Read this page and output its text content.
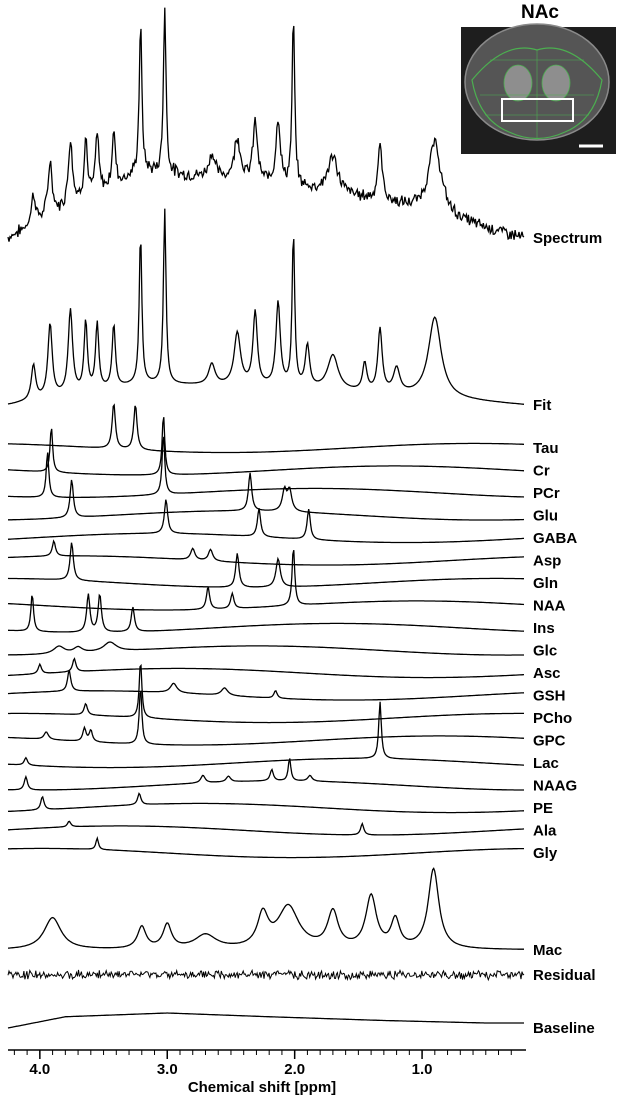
Spectrum
Fit
Tau
Cr
PCr
Glu
GABA
Asp
Gln
NAA
Ins
Glc
Asc
GSH
PCho
GPC
Lac
NAAG
PE
Ala
Gly
Mac
Residual
Baseline
4.0	3.0	2.0	1.0
Chemical shift [ppm]
NAc
